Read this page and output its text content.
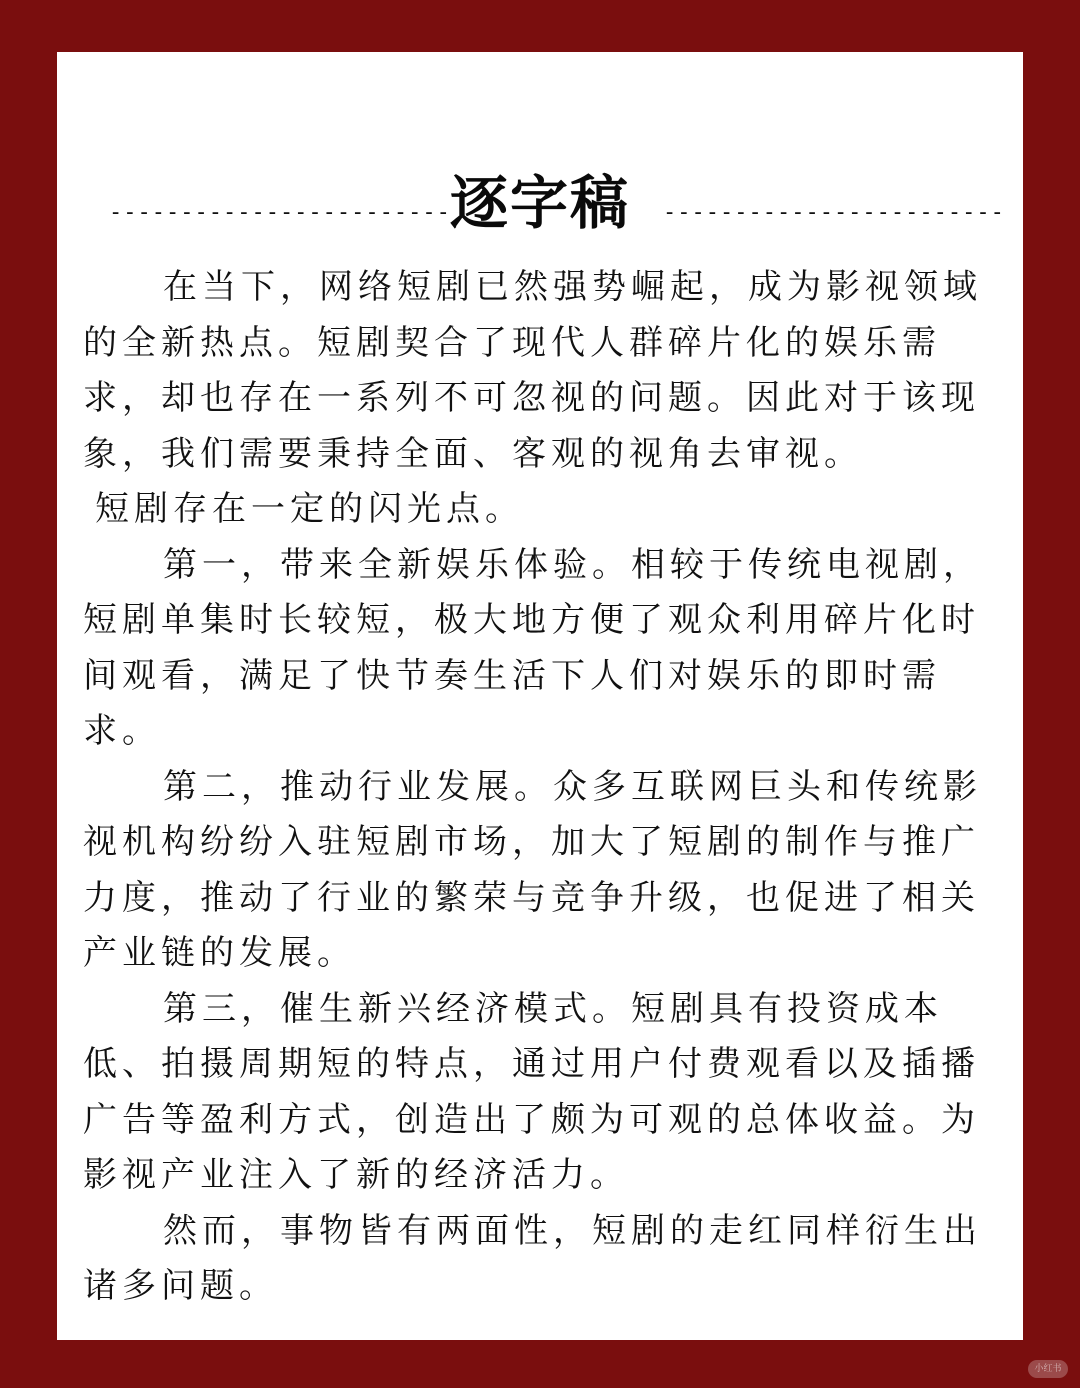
------------------------ 逐字稿	------------------------

在当下，网络短剧已然强势崛起，成为影视领域的全新热点。短剧契合了现代人群碎片化的娱乐需求，却也存在一系列不可忽视的问题。因此对于该现象，我们需要秉持全面、客观的视角去审视。

短剧存在一定的闪光点。

第一，带来全新娱乐体验。相较于传统电视剧，短剧单集时长较短，极大地方便了观众利用碎片化时间观看，满足了快节奏生活下人们对娱乐的即时需求。

第二，推动行业发展。众多互联网巨头和传统影视机构纷纷入驻短剧市场，加大了短剧的制作与推广力度，推动了行业的繁荣与竞争升级，也促进了相关产业链的发展。

第三，催生新兴经济模式。短剧具有投资成本低、拍摄周期短的特点，通过用户付费观看以及插播广告等盈利方式，创造出了颇为可观的总体收益。为影视产业注入了新的经济活力。

然而，事物皆有两面性，短剧的走红同样衍生出诸多问题。

小红书
